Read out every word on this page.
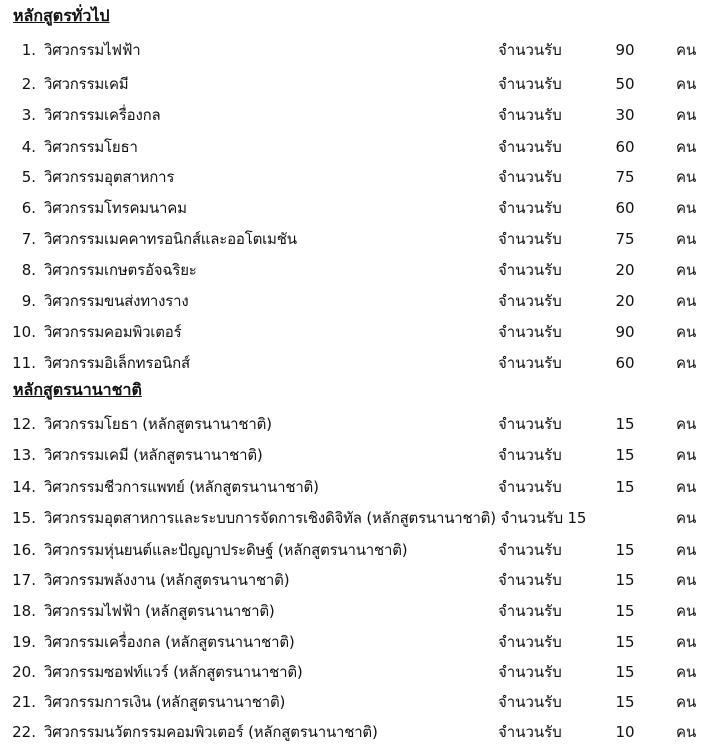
หลักสูตรทั่วไป
1. วิศวกรรมไฟฟ้า	จำนวนรับ	90	คน
2. วิศวกรรมเคมี	จำนวนรับ	50	คน
3. วิศวกรรมเครื่องกล	จำนวนรับ	30	คน
4. วิศวกรรมโยธา	จำนวนรับ	60	คน
5. วิศวกรรมอุตสาหการ	จำนวนรับ	75	คน
6. วิศวกรรมโทรคมนาคม	จำนวนรับ	60	คน
7. วิศวกรรมเมคคาทรอนิกส์และออโตเมชัน	จำนวนรับ	75	คน
8. วิศวกรรมเกษตรอัจฉริยะ	จำนวนรับ	20	คน
9. วิศวกรรมขนส่งทางราง	จำนวนรับ	20	คน
10. วิศวกรรมคอมพิวเตอร์	จำนวนรับ	90	คน
11. วิศวกรรมอิเล็กทรอนิกส์	จำนวนรับ	60	คน
หลักสูตรนานาชาติ
12. วิศวกรรมโยธา (หลักสูตรนานาชาติ)	จำนวนรับ	15	คน
13. วิศวกรรมเคมี (หลักสูตรนานาชาติ)	จำนวนรับ	15	คน
14. วิศวกรรมชีวการแพทย์ (หลักสูตรนานาชาติ)	จำนวนรับ	15	คน
15. วิศวกรรมอุตสาหการและระบบการจัดการเชิงดิจิทัล (หลักสูตรนานาชาติ) จำนวนรับ 15	คน
16. วิศวกรรมหุ่นยนต์และปัญญาประดิษฐ์ (หลักสูตรนานาชาติ)	จำนวนรับ	15	คน
17. วิศวกรรมพลังงาน (หลักสูตรนานาชาติ)	จำนวนรับ	15	คน
18. วิศวกรรมไฟฟ้า (หลักสูตรนานาชาติ)	จำนวนรับ	15	คน
19. วิศวกรรมเครื่องกล (หลักสูตรนานาชาติ)	จำนวนรับ	15	คน
20. วิศวกรรมซอฟท์แวร์ (หลักสูตรนานาชาติ)	จำนวนรับ	15	คน
21. วิศวกรรมการเงิน (หลักสูตรนานาชาติ)	จำนวนรับ	15	คน
22. วิศวกรรมนวัตกรรมคอมพิวเตอร์ (หลักสูตรนานาชาติ)	จำนวนรับ	10	คน
